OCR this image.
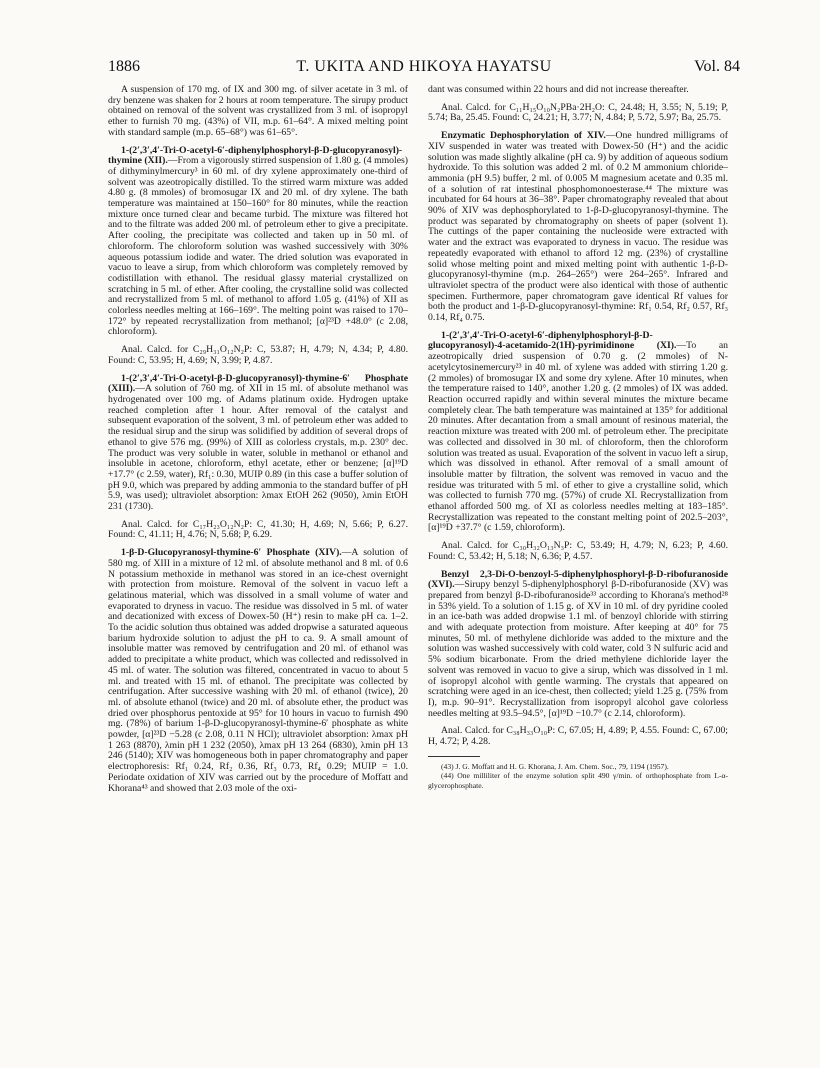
1886	T. UKITA AND HIKOYA HAYATSU	Vol. 84

A suspension of 170 mg. of IX and 300 mg. of silver acetate in 3 ml. of dry benzene was shaken for 2 hours at room temperature. The sirupy product obtained on removal of the solvent was crystallized from 3 ml. of isopropyl ether to furnish 70 mg. (43%) of VII, m.p. 61–64°. A mixed melting point with standard sample (m.p. 65–68°) was 61–65°.

1-(2′,3′,4′-Tri-O-acetyl-6′-diphenylphosphoryl-β-D-glucopyranosyl)-thymine (XII).—From a vigorously stirred suspension of 1.80 g. (4 mmoles) of dithyminylmercury³ in 60 ml. of dry xylene approximately one-third of solvent was azeotropically distilled. To the stirred warm mixture was added 4.80 g. (8 mmoles) of bromosugar IX and 20 ml. of dry xylene. The bath temperature was maintained at 150–160° for 80 minutes, while the reaction mixture once turned clear and became turbid. The mixture was filtered hot and to the filtrate was added 200 ml. of petroleum ether to give a precipitate. After cooling, the precipitate was collected and taken up in 50 ml. of chloroform. The chloroform solution was washed successively with 30% aqueous potassium iodide and water. The dried solution was evaporated in vacuo to leave a sirup, from which chloroform was completely removed by codistillation with ethanol. The residual glassy material crystallized on scratching in 5 ml. of ether. After cooling, the crystalline solid was collected and recrystallized from 5 ml. of methanol to afford 1.05 g. (41%) of XII as colorless needles melting at 166–169°. The melting point was raised to 170–172° by repeated recrystallization from methanol; [α]²³D +48.0° (c 2.08, chloroform).

Anal. Calcd. for C₂₉H₃₁O₁₂N₂P: C, 53.87; H, 4.79; N, 4.34; P, 4.80. Found: C, 53.95; H, 4.69; N, 3.99; P, 4.87.

1-(2′,3′,4′-Tri-O-acetyl-β-D-glucopyranosyl)-thymine-6′ Phosphate (XIII).—A solution of 760 mg. of XII in 15 ml. of absolute methanol was hydrogenated over 100 mg. of Adams platinum oxide. Hydrogen uptake reached completion after 1 hour. After removal of the catalyst and subsequent evaporation of the solvent, 3 ml. of petroleum ether was added to the residual sirup and the sirup was solidified by addition of several drops of ethanol to give 576 mg. (99%) of XIII as colorless crystals, m.p. 230° dec. The product was very soluble in water, soluble in methanol or ethanol and insoluble in acetone, chloroform, ethyl acetate, ether or benzene; [α]¹⁹D +17.7° (c 2.59, water), Rf₁: 0.30, MUIP 0.89 (in this case a buffer solution of pH 9.0, which was prepared by adding ammonia to the standard buffer of pH 5.9, was used); ultraviolet absorption: λmax EtOH 262 (9050), λmin EtOH 231 (1730).

Anal. Calcd. for C₁₇H₂₃O₁₂N₂P: C, 41.30; H, 4.69; N, 5.66; P, 6.27. Found: C, 41.11; H, 4.76; N, 5.68; P, 6.29.

1-β-D-Glucopyranosyl-thymine-6′ Phosphate (XIV).—A solution of 580 mg. of XIII in a mixture of 12 ml. of absolute methanol and 8 ml. of 0.6 N potassium methoxide in methanol was stored in an ice-chest overnight with protection from moisture. Removal of the solvent in vacuo left a gelatinous material, which was dissolved in a small volume of water and evaporated to dryness in vacuo. The residue was dissolved in 5 ml. of water and decationized with excess of Dowex-50 (H⁺) resin to make pH ca. 1–2. To the acidic solution thus obtained was added dropwise a saturated aqueous barium hydroxide solution to adjust the pH to ca. 9. A small amount of insoluble matter was removed by centrifugation and 20 ml. of ethanol was added to precipitate a white product, which was collected and redissolved in 45 ml. of water. The solution was filtered, concentrated in vacuo to about 5 ml. and treated with 15 ml. of ethanol. The precipitate was collected by centrifugation. After successive washing with 20 ml. of ethanol (twice), 20 ml. of absolute ethanol (twice) and 20 ml. of absolute ether, the product was dried over phosphorus pentoxide at 95° for 10 hours in vacuo to furnish 490 mg. (78%) of barium 1-β-D-glucopyranosyl-thymine-6′ phosphate as white powder, [α]²³D −5.28 (c 2.08, 0.11 N HCl); ultraviolet absorption: λmax pH 1 263 (8870), λmin pH 1 232 (2050), λmax pH 13 264 (6830), λmin pH 13 246 (5140); XIV was homogeneous both in paper chromatography and paper electrophoresis: Rf₁ 0.24, Rf₂ 0.36, Rf₃ 0.73, Rf₄ 0.29; MUIP = 1.0. Periodate oxidation of XIV was carried out by the procedure of Moffatt and Khorana⁴³ and showed that 2.03 mole of the oxi-

dant was consumed within 22 hours and did not increase thereafter.

Anal. Calcd. for C₁₁H₁₅O₁₀N₂PBa·2H₂O: C, 24.48; H, 3.55; N, 5.19; P, 5.74; Ba, 25.45. Found: C, 24.21; H, 3.77; N, 4.84; P, 5.72, 5.97; Ba, 25.75.

Enzymatic Dephosphorylation of XIV.—One hundred milligrams of XIV suspended in water was treated with Dowex-50 (H⁺) and the acidic solution was made slightly alkaline (pH ca. 9) by addition of aqueous sodium hydroxide. To this solution was added 2 ml. of 0.2 M ammonium chloride–ammonia (pH 9.5) buffer, 2 ml. of 0.005 M magnesium acetate and 0.35 ml. of a solution of rat intestinal phosphomonoesterase.⁴⁴ The mixture was incubated for 64 hours at 36–38°. Paper chromatography revealed that about 90% of XIV was dephosphorylated to 1-β-D-glucopyranosyl-thymine. The product was separated by chromatography on sheets of paper (solvent 1). The cuttings of the paper containing the nucleoside were extracted with water and the extract was evaporated to dryness in vacuo. The residue was repeatedly evaporated with ethanol to afford 12 mg. (23%) of crystalline solid whose melting point and mixed melting point with authentic 1-β-D-glucopyranosyl-thymine (m.p. 264–265°) were 264–265°. Infrared and ultraviolet spectra of the product were also identical with those of authentic specimen. Furthermore, paper chromatogram gave identical Rf values for both the product and 1-β-D-glucopyranosyl-thymine: Rf₁ 0.54, Rf₂ 0.57, Rf₃ 0.14, Rf₄ 0.75.

1-(2′,3′,4′-Tri-O-acetyl-6′-diphenylphosphoryl-β-D-glucopyranosyl)-4-acetamido-2(1H)-pyrimidinone (XI).—To an azeotropically dried suspension of 0.70 g. (2 mmoles) of N-acetylcytosinemercury²³ in 40 ml. of xylene was added with stirring 1.20 g. (2 mmoles) of bromosugar IX and some dry xylene. After 10 minutes, when the temperature raised to 140°, another 1.20 g. (2 mmoles) of IX was added. Reaction occurred rapidly and within several minutes the mixture became completely clear. The bath temperature was maintained at 135° for additional 20 minutes. After decantation from a small amount of resinous material, the reaction mixture was treated with 200 ml. of petroleum ether. The precipitate was collected and dissolved in 30 ml. of chloroform, then the chloroform solution was treated as usual. Evaporation of the solvent in vacuo left a sirup, which was dissolved in ethanol. After removal of a small amount of insoluble matter by filtration, the solvent was removed in vacuo and the residue was triturated with 5 ml. of ether to give a crystalline solid, which was collected to furnish 770 mg. (57%) of crude XI. Recrystallization from ethanol afforded 500 mg. of XI as colorless needles melting at 183–185°. Recrystallization was repeated to the constant melting point of 202.5–203°, [α]¹⁹D +37.7° (c 1.59, chloroform).

Anal. Calcd. for C₃₀H₃₂O₁₃N₃P: C, 53.49; H, 4.79; N, 6.23; P, 4.60. Found: C, 53.42; H, 5.18; N, 6.36; P, 4.57.

Benzyl 2,3-Di-O-benzoyl-5-diphenylphosphoryl-β-D-ribofuranoside (XVI).—Sirupy benzyl 5-diphenylphosphoryl β-D-ribofuranoside (XV) was prepared from benzyl β-D-ribofuranoside³³ according to Khorana's method²⁸ in 53% yield. To a solution of 1.15 g. of XV in 10 ml. of dry pyridine cooled in an ice-bath was added dropwise 1.1 ml. of benzoyl chloride with stirring and with adequate protection from moisture. After keeping at 40° for 75 minutes, 50 ml. of methylene dichloride was added to the mixture and the solution was washed successively with cold water, cold 3 N sulfuric acid and 5% sodium bicarbonate. From the dried methylene dichloride layer the solvent was removed in vacuo to give a sirup, which was dissolved in 1 ml. of isopropyl alcohol with gentle warming. The crystals that appeared on scratching were aged in an ice-chest, then collected; yield 1.25 g. (75% from I), m.p. 90–91°. Recrystallization from isopropyl alcohol gave colorless needles melting at 93.5–94.5°, [α]¹⁹D −10.7° (c 2.14, chloroform).

Anal. Calcd. for C₃₈H₃₃O₁₀P: C, 67.05; H, 4.89; P, 4.55. Found: C, 67.00; H, 4.72; P, 4.28.

(43) J. G. Moffatt and H. G. Khorana, J. Am. Chem. Soc., 79, 1194 (1957).

(44) One milliliter of the enzyme solution split 490 γ/min. of orthophosphate from L-α-glycerophosphate.
